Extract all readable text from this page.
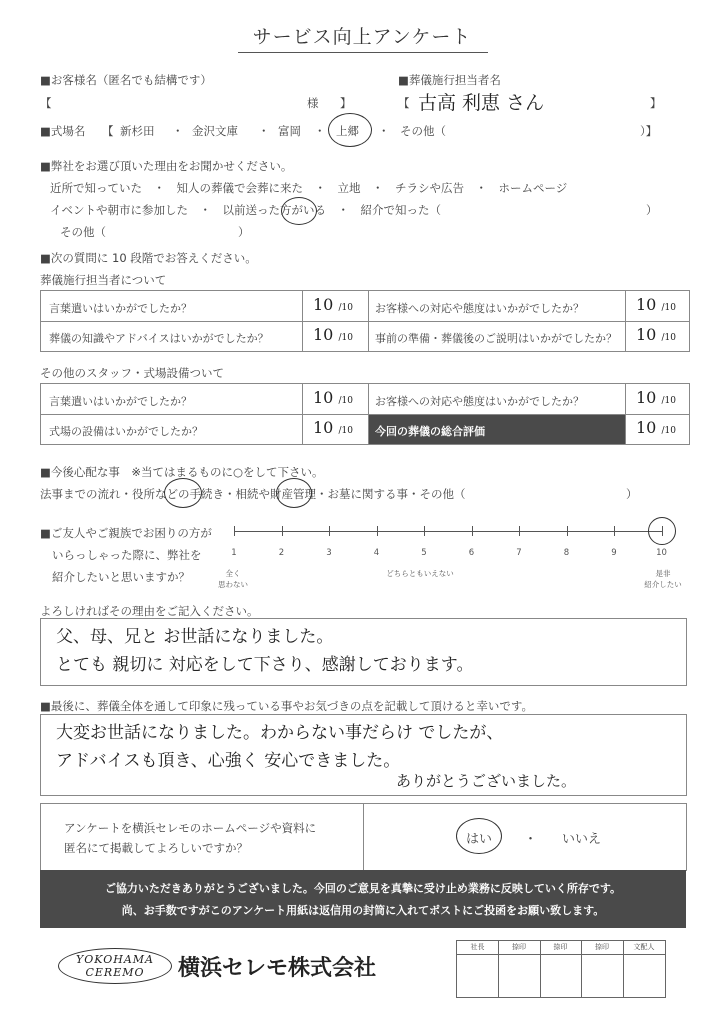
サービス向上アンケート
■お客様名（匿名でも結構です）
【	様 】
■葬儀施行担当者名
【 古高 利恵 さん	】
■式場名 【 新杉田 ・ 金沢文庫 ・ 富岡 ・ 上郷 ・ その他（	）】
■弊社をお選び頂いた理由をお聞かせください。
近所で知っていた　・　知人の葬儀で会葬に来た　・　立地　・　チラシや広告　・　ホームページ
イベントや朝市に参加した　・　以前送った方がいる　・　紹介で知った（	）
その他（	）
■次の質問に 10 段階でお答えください。
葬儀施行担当者について
言葉遣いはいかがでしたか？	10 /10 お客様への対応や態度はいかがでしたか？	10 /10
葬儀の知識やアドバイスはいかがでしたか？	10 /10 事前の準備・葬儀後のご説明はいかがでしたか？ 10 /10
その他のスタッフ・式場設備ついて
言葉遣いはいかがでしたか？	10 /10 お客様への対応や態度はいかがでしたか？	10 /10
式場の設備はいかがでしたか？	10 /10 今回の葬儀の総合評価	10 /10
■今後心配な事　※当てはまるものに○をして下さい。
法事までの流れ・役所などの手続き・相続や財産管理・お墓に関する事・その他（	）
■ご友人やご親族でお困りの方が
いらっしゃった際に、弊社を
紹介したいと思いますか？
1	2	3	4	5	6	7	8	9	10
全く
思わない
どちらともいえない	是非
紹介したい
よろしければその理由をご記入ください。
父、母、兄と お世話になりました。
とても 親切に 対応をして下さり、感謝しております。
■最後に、葬儀全体を通して印象に残っている事やお気づきの点を記載して頂けると幸いです。
大変お世話になりました。わからない事だらけ でしたが、
アドバイスも頂き、心強く 安心できました。
ありがとうございました。
アンケートを横浜セレモのホームページや資料に
匿名にて掲載してよろしいですか？
はい ・ いいえ
ご協力いただきありがとうございました。今回のご意見を真摯に受け止め業務に反映していく所存です。
尚、お手数ですがこのアンケート用紙は返信用の封筒に入れてポストにご投函をお願い致します。
YOKOHAMA
CEREMO	横浜セレモ株式会社
社長	捺印	捺印	捺印	文配人
